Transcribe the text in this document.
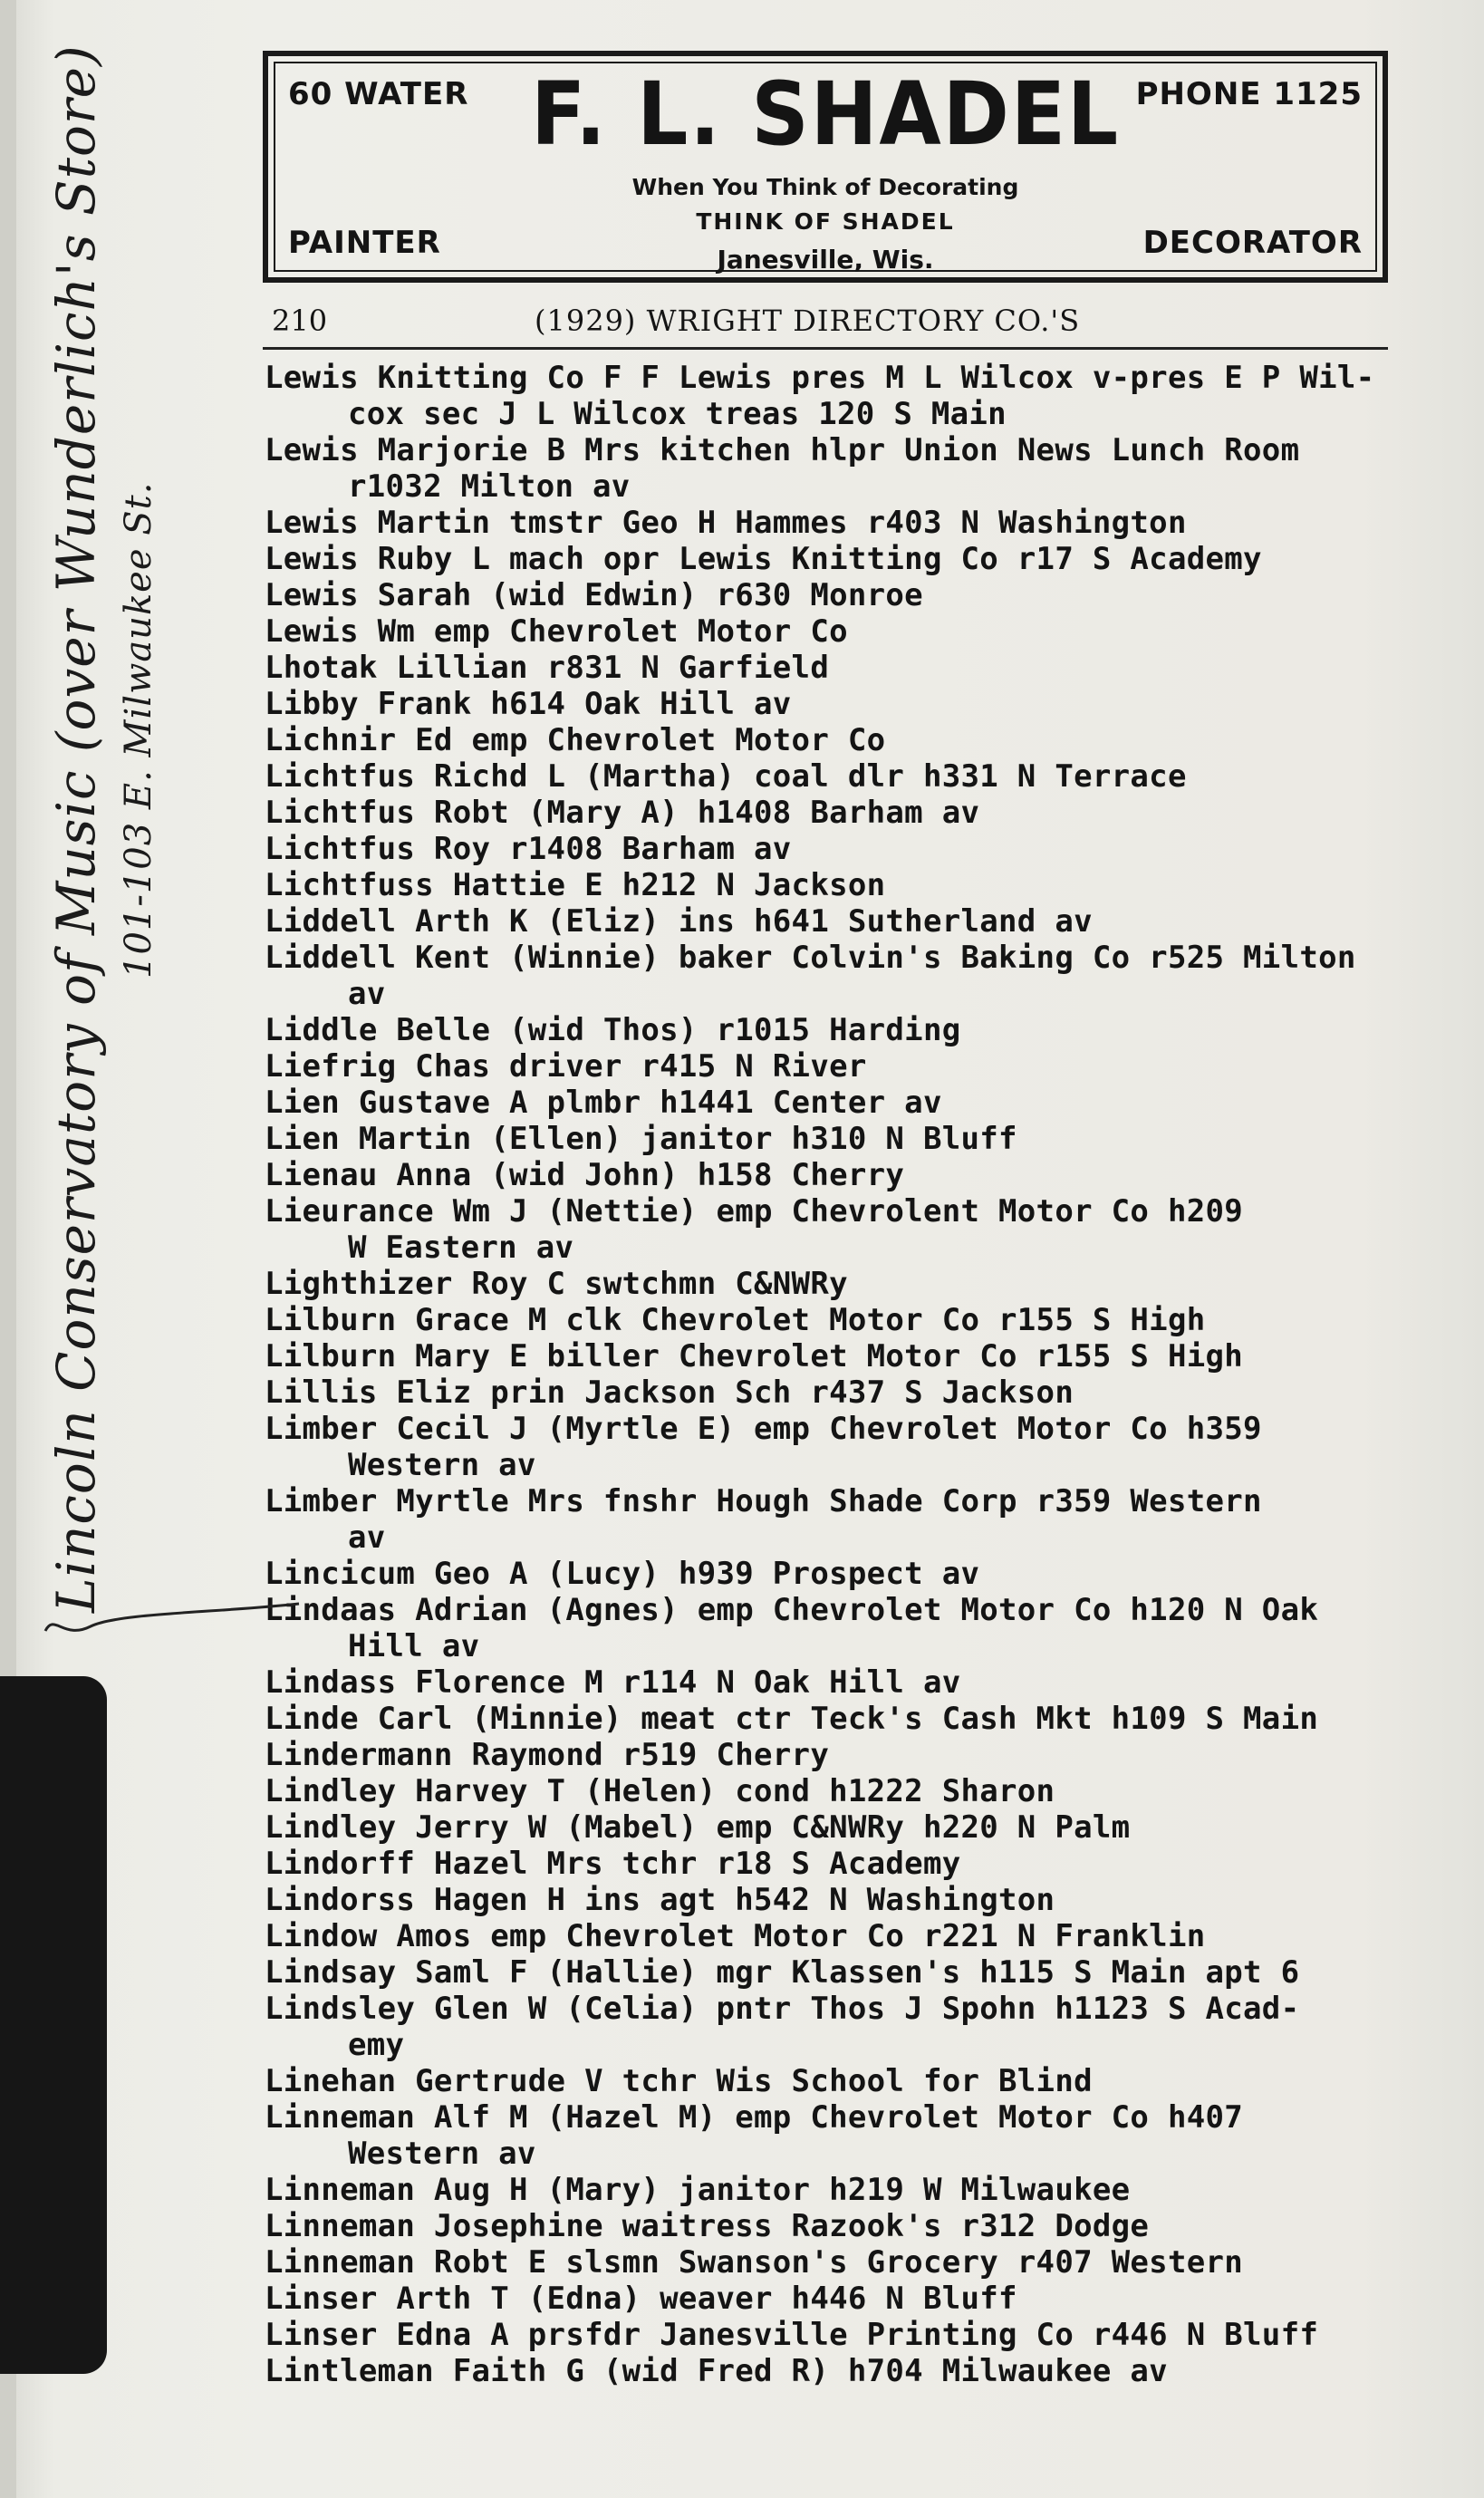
60 WATER	PHONE 1125
F. L. SHADEL
When You Think of Decorating
THINK OF SHADEL
Janesville, Wis.
PAINTER	DECORATOR
210	(1929) WRIGHT DIRECTORY CO.'S
Lewis Knitting Co F F Lewis pres M L Wilcox v-pres E P Wil-
cox sec J L Wilcox treas 120 S Main
Lewis Marjorie B Mrs kitchen hlpr Union News Lunch Room
r1032 Milton av
Lewis Martin tmstr Geo H Hammes r403 N Washington
Lewis Ruby L mach opr Lewis Knitting Co r17 S Academy
Lewis Sarah (wid Edwin) r630 Monroe
Lewis Wm emp Chevrolet Motor Co
Lhotak Lillian r831 N Garfield
Libby Frank h614 Oak Hill av
Lichnir Ed emp Chevrolet Motor Co
Lichtfus Richd L (Martha) coal dlr h331 N Terrace
Lichtfus Robt (Mary A) h1408 Barham av
Lichtfus Roy r1408 Barham av
Lichtfuss Hattie E h212 N Jackson
Liddell Arth K (Eliz) ins h641 Sutherland av
Liddell Kent (Winnie) baker Colvin's Baking Co r525 Milton
av
Liddle Belle (wid Thos) r1015 Harding
Liefrig Chas driver r415 N River
Lien Gustave A plmbr h1441 Center av
Lien Martin (Ellen) janitor h310 N Bluff
Lienau Anna (wid John) h158 Cherry
Lieurance Wm J (Nettie) emp Chevrolent Motor Co h209
W Eastern av
Lighthizer Roy C swtchmn C&NWRy
Lilburn Grace M clk Chevrolet Motor Co r155 S High
Lilburn Mary E biller Chevrolet Motor Co r155 S High
Lillis Eliz prin Jackson Sch r437 S Jackson
Limber Cecil J (Myrtle E) emp Chevrolet Motor Co h359
Western av
Limber Myrtle Mrs fnshr Hough Shade Corp r359 Western
av
Lincicum Geo A (Lucy) h939 Prospect av
Lindaas Adrian (Agnes) emp Chevrolet Motor Co h120 N Oak
Hill av
Lindass Florence M r114 N Oak Hill av
Linde Carl (Minnie) meat ctr Teck's Cash Mkt h109 S Main
Lindermann Raymond r519 Cherry
Lindley Harvey T (Helen) cond h1222 Sharon
Lindley Jerry W (Mabel) emp C&NWRy h220 N Palm
Lindorff Hazel Mrs tchr r18 S Academy
Lindorss Hagen H ins agt h542 N Washington
Lindow Amos emp Chevrolet Motor Co r221 N Franklin
Lindsay Saml F (Hallie) mgr Klassen's h115 S Main apt 6
Lindsley Glen W (Celia) pntr Thos J Spohn h1123 S Acad-
emy
Linehan Gertrude V tchr Wis School for Blind
Linneman Alf M (Hazel M) emp Chevrolet Motor Co h407
Western av
Linneman Aug H (Mary) janitor h219 W Milwaukee
Linneman Josephine waitress Razook's r312 Dodge
Linneman Robt E slsmn Swanson's Grocery r407 Western
Linser Arth T (Edna) weaver h446 N Bluff
Linser Edna A prsfdr Janesville Printing Co r446 N Bluff
Lintleman Faith G (wid Fred R) h704 Milwaukee av
Lincoln Conservatory of Music (over Wunderlich's Store) 101-103 E. Milwaukee St.
